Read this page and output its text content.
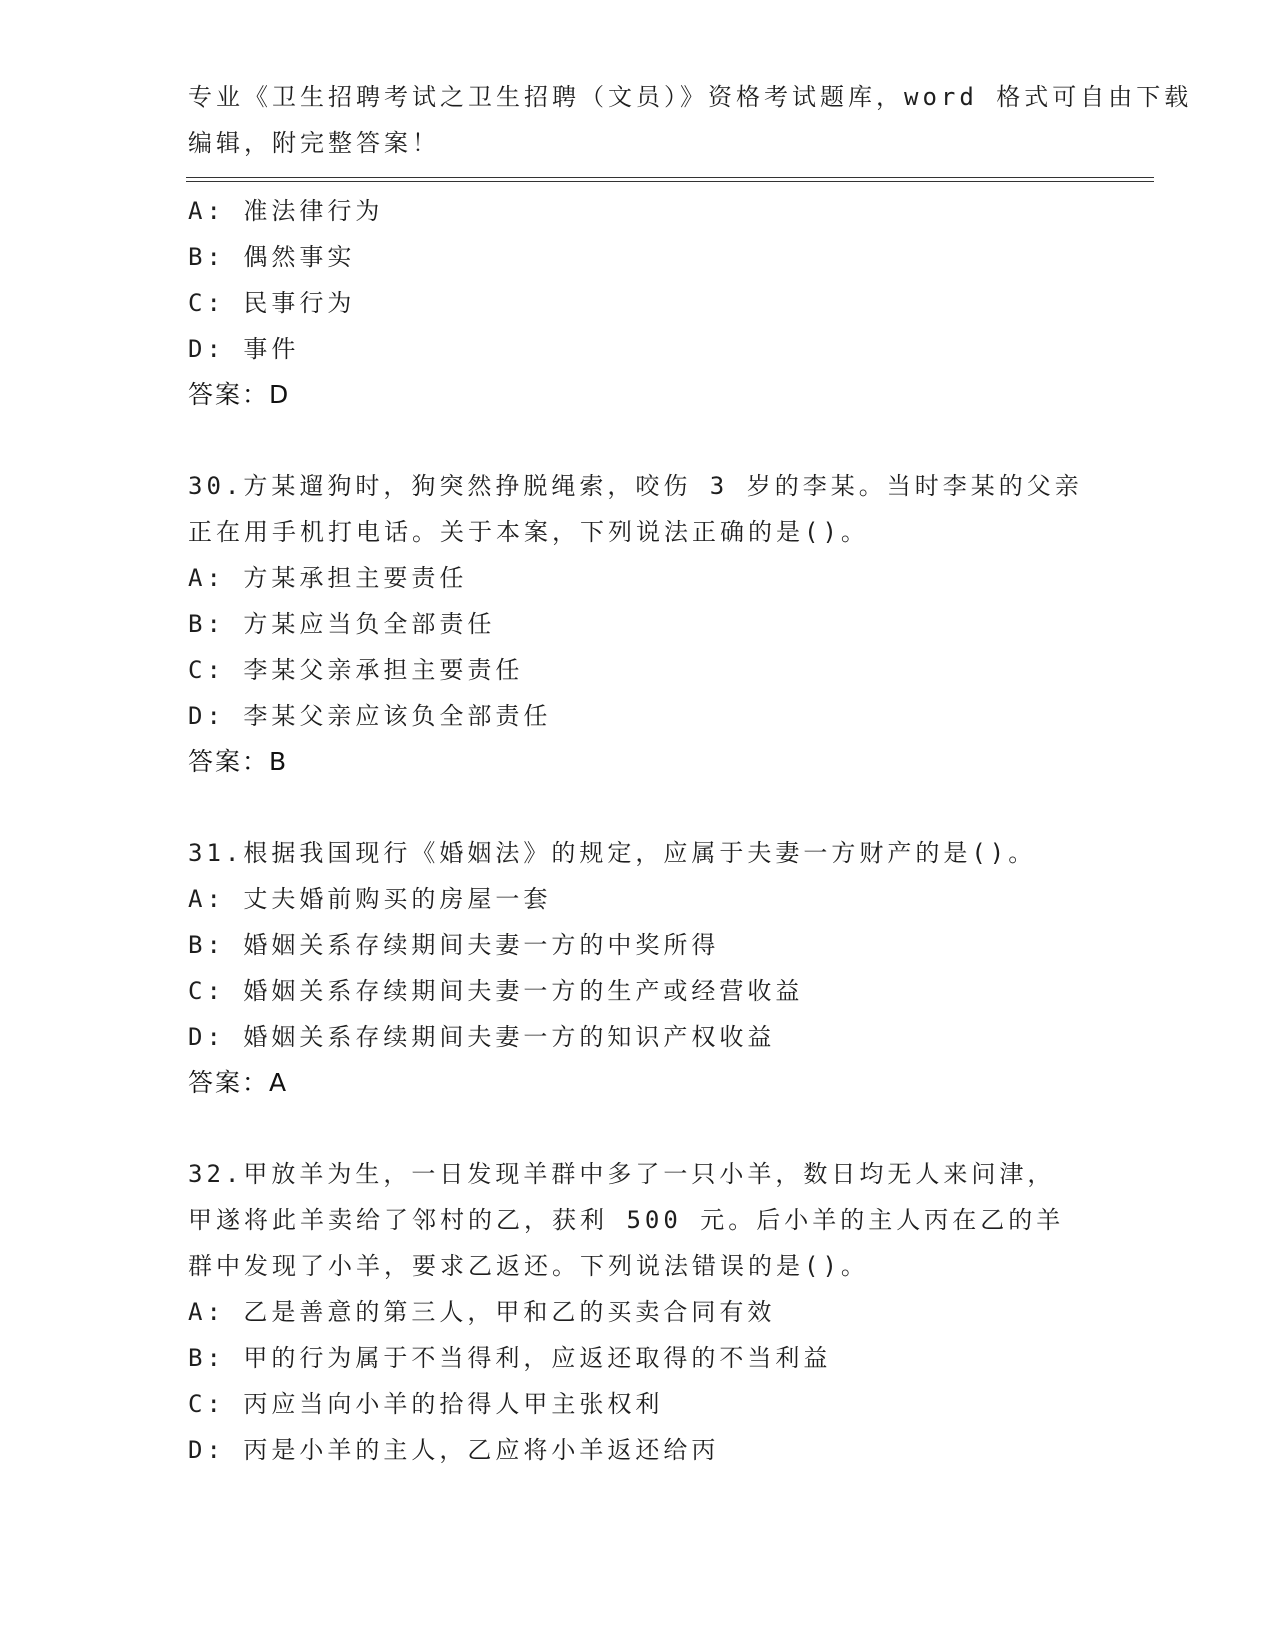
专业《卫生招聘考试之卫生招聘（文员）》资格考试题库，word 格式可自由下载
编辑，附完整答案！
A: 准法律行为
B: 偶然事实
C: 民事行为
D: 事件
答案：D
30.方某遛狗时，狗突然挣脱绳索，咬伤 3 岁的李某。当时李某的父亲
正在用手机打电话。关于本案，下列说法正确的是()。
A: 方某承担主要责任
B: 方某应当负全部责任
C: 李某父亲承担主要责任
D: 李某父亲应该负全部责任
答案：B
31.根据我国现行《婚姻法》的规定，应属于夫妻一方财产的是()。
A: 丈夫婚前购买的房屋一套
B: 婚姻关系存续期间夫妻一方的中奖所得
C: 婚姻关系存续期间夫妻一方的生产或经营收益
D: 婚姻关系存续期间夫妻一方的知识产权收益
答案：A
32.甲放羊为生，一日发现羊群中多了一只小羊，数日均无人来问津，
甲遂将此羊卖给了邻村的乙，获利 500 元。后小羊的主人丙在乙的羊
群中发现了小羊，要求乙返还。下列说法错误的是()。
A: 乙是善意的第三人，甲和乙的买卖合同有效
B: 甲的行为属于不当得利，应返还取得的不当利益
C: 丙应当向小羊的拾得人甲主张权利
D: 丙是小羊的主人，乙应将小羊返还给丙
